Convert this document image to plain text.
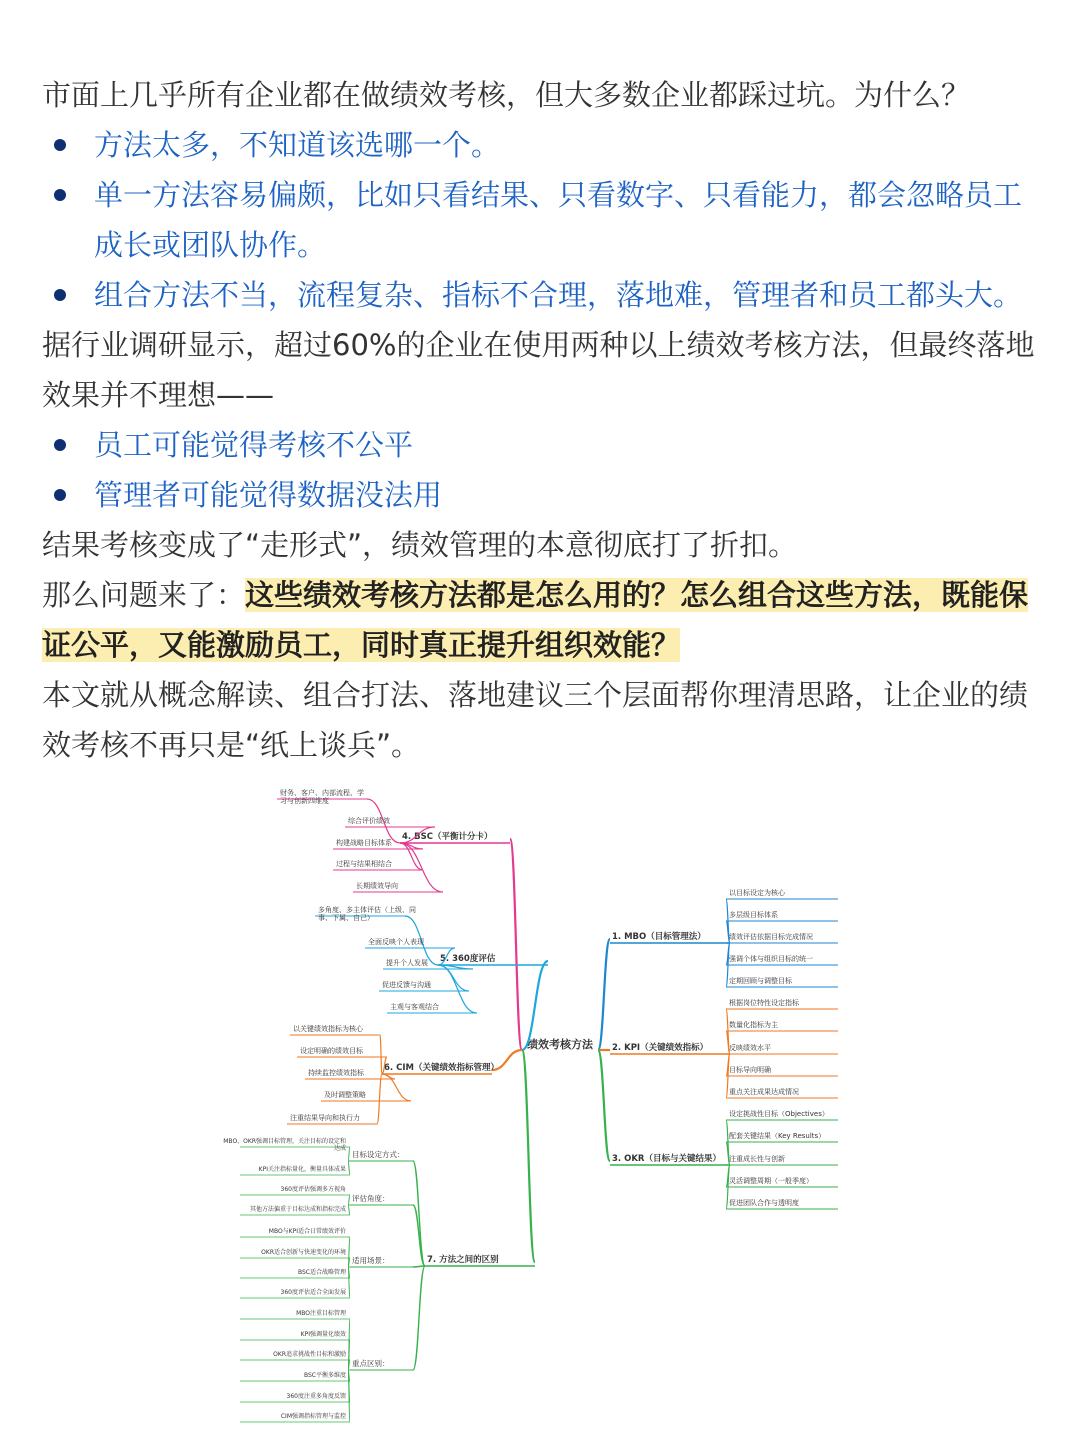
市面上几乎所有企业都在做绩效考核，但大多数企业都踩过坑。为什么？

方法太多，不知道该选哪一个。
单一方法容易偏颇，比如只看结果、只看数字、只看能力，都会忽略员工成长或团队协作。
组合方法不当，流程复杂、指标不合理，落地难，管理者和员工都头大。

据行业调研显示，超过60%的企业在使用两种以上绩效考核方法，但最终落地效果并不理想——

员工可能觉得考核不公平
管理者可能觉得数据没法用

结果考核变成了“走形式”，绩效管理的本意彻底打了折扣。

那么问题来了：这些绩效考核方法都是怎么用的？怎么组合这些方法，既能保证公平，又能激励员工，同时真正提升组织效能？

本文就从概念解读、组合打法、落地建议三个层面帮你理清思路，让企业的绩效考核不再只是“纸上谈兵”。

绩效考核方法
4. BSC（平衡计分卡）
财务、客户、内部流程、学习与创新四维度
综合评价绩效
构建战略目标体系
过程与结果相结合
长期绩效导向
5. 360度评估
多角度、多主体评估（上级、同事、下属、自己）
全面反映个人表现
提升个人发展
促进反馈与沟通
主观与客观结合
6. CIM（关键绩效指标管理）
以关键绩效指标为核心
设定明确的绩效目标
持续监控绩效指标
及时调整策略
注重结果导向和执行力
7. 方法之间的区别
目标设定方式：
MBO、OKR强调目标管理，关注目标的设定和达成
KPI关注指标量化，衡量具体成果
评估角度：
360度评估强调多方视角
其他方法偏重于目标达成和指标完成
适用场景：
MBO与KPI适合日常绩效评价
OKR适合创新与快速变化的环境
BSC适合战略管理
360度评估适合全面发展
重点区别：
MBO注重目标管理
KPI强调量化绩效
OKR追求挑战性目标和激励
BSC平衡多维度
360度注重多角度反馈
CIM强调指标管理与监控
1. MBO（目标管理法）
以目标设定为核心
多层级目标体系
绩效评估依据目标完成情况
强调个体与组织目标的统一
定期回顾与调整目标
2. KPI（关键绩效指标）
根据岗位特性设定指标
数量化指标为主
反映绩效水平
目标导向明确
重点关注成果达成情况
3. OKR（目标与关键结果）
设定挑战性目标（Objectives）
配套关键结果（Key Results）
注重成长性与创新
灵活调整周期（一般季度）
促进团队合作与透明度
